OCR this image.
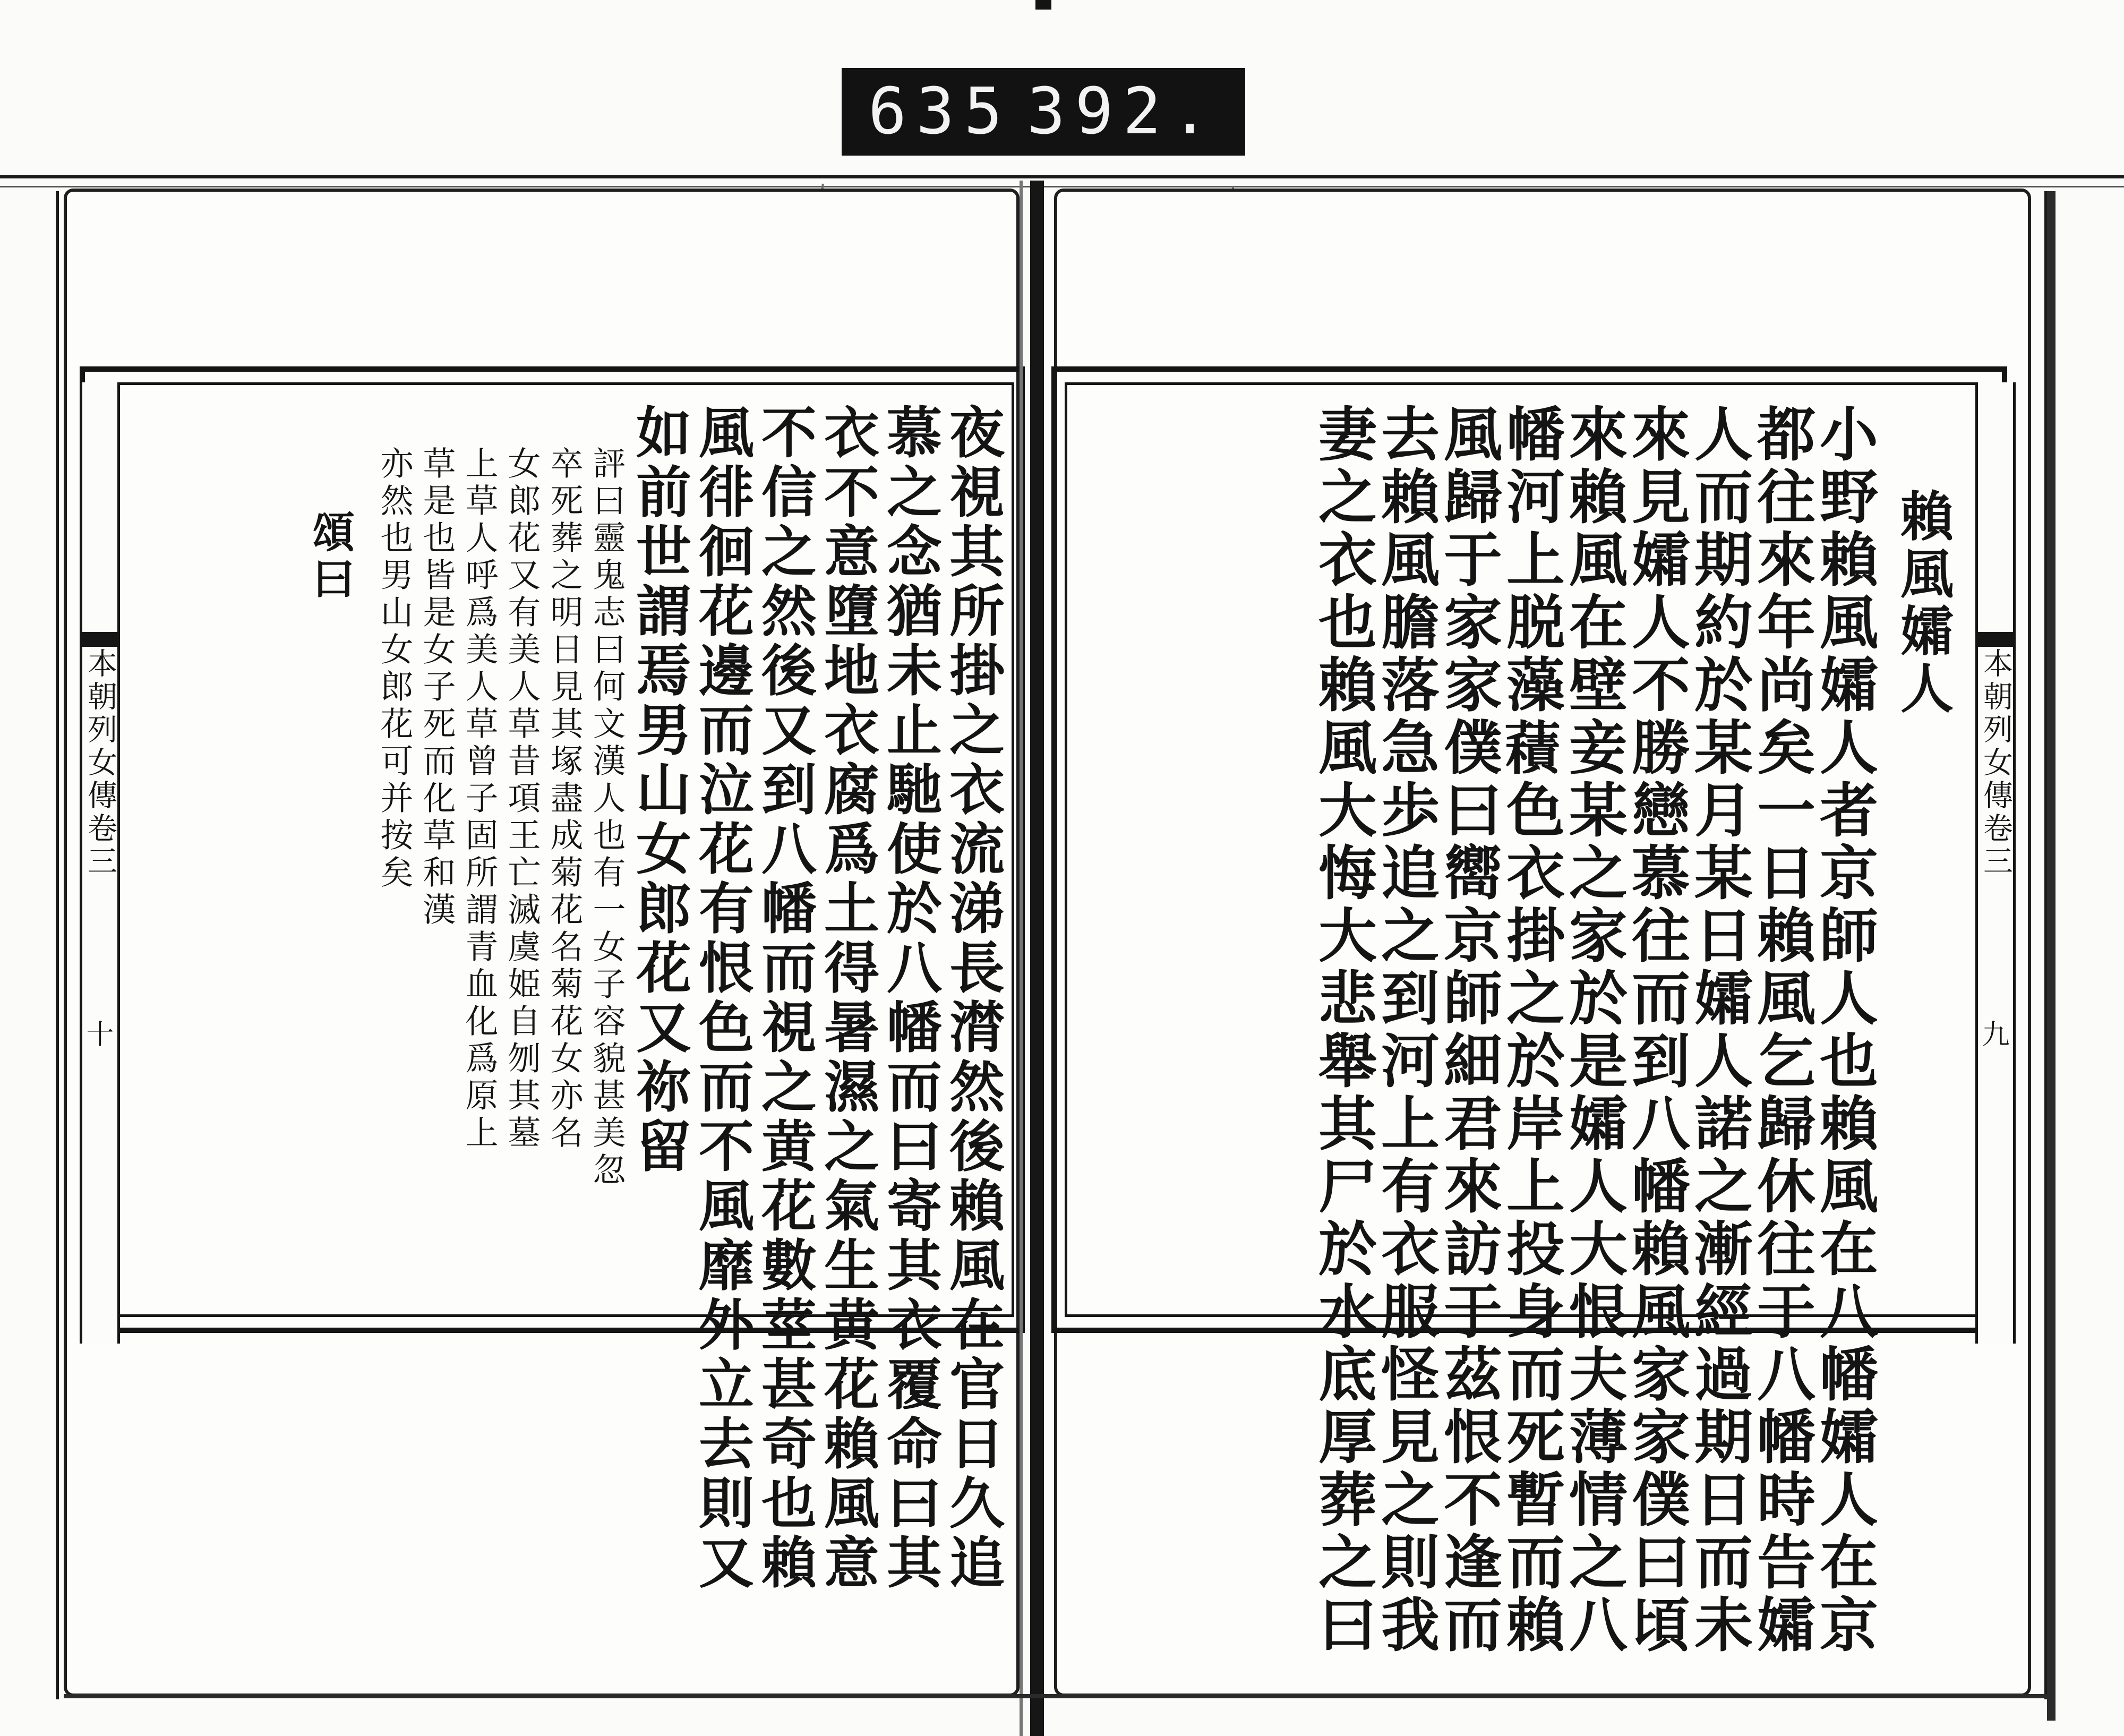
635 392.
本朝列女傳卷三
十	夜視其所掛之衣流涕長潸然後賴風在官日久追
慕之念猶未止馳使於八幡而曰寄其衣覆命曰其
衣不意墮地衣腐爲土得暑濕之氣生黄花賴風意
不信之然後又到八幡而視之黄花數莖甚奇也賴
風徘徊花邊而泣花有恨色而不風靡外立去則又
如前世謂焉男山女郎花又祢留
評曰靈鬼志曰何文漢人也有一女子容貌甚美忽
卒死葬之明日見其塚盡成菊花名菊花女亦名
女郎花又有美人草昔項王亡滅虞姫自刎其墓
上草人呼爲美人草曾子固所謂青血化爲原上
草是也皆是女子死而化草和漢
亦然也男山女郎花可并按矣
頌曰
本朝列女傳卷三
九
賴風孀人
小野賴風孀人者京師人也賴風在八幡孀人在京
都往來年尚矣一日賴風乞歸休往于八幡時告孀
人而期約於某月某日孀人諾之漸經過期日而未
來見孀人不勝戀慕往而到八幡賴風家家僕曰頃
來賴風在壁妾某之家於是孀人大恨夫薄情之八
幡河上脱藻𧂐色衣掛之於岸上投身而死暫而賴
風歸于家家僕曰嚮京師細君來訪于茲恨不逢而
去賴風膽落急歩追之到河上有衣服怪見之則我
妻之衣也賴風大悔大悲舉其尸於水底厚葬之曰
